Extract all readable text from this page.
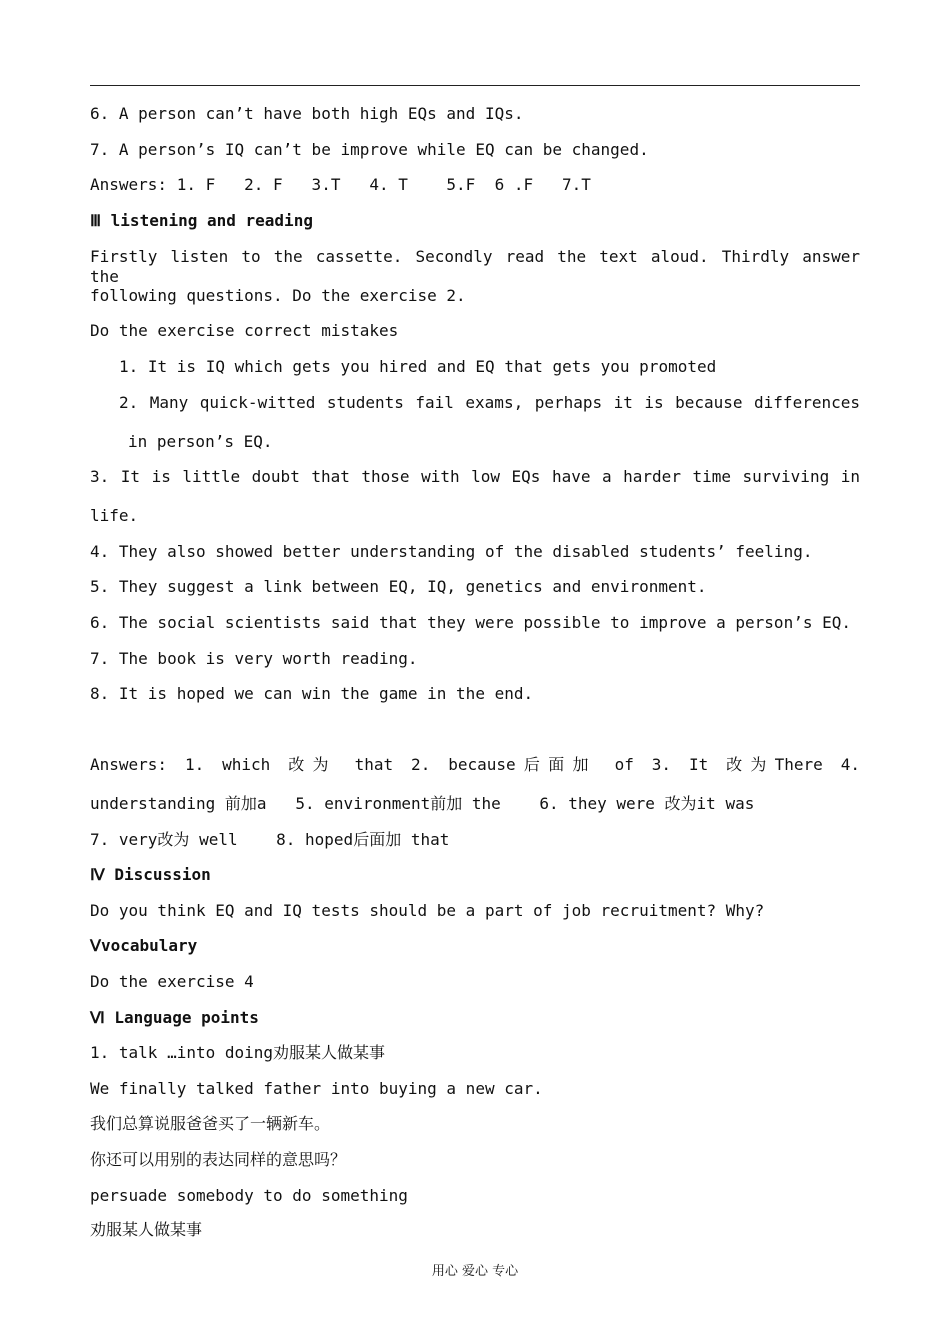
6. A person can’t have both high EQs and IQs.
7. A person’s IQ can’t be improve while EQ can be changed.
Answers: 1. F   2. F   3.T   4. T    5.F  6 .F   7.T
Ⅲ listening and reading
Firstly listen to the cassette. Secondly read the text aloud. Thirdly answer the
following questions. Do the exercise 2.
Do the exercise correct mistakes
1. It is IQ which gets you hired and EQ that gets you promoted
2. Many quick-witted students fail exams, perhaps it is because differences
in person’s EQ.
3. It is little doubt that those with low EQs have a harder time surviving in
life.
4. They also showed better understanding of the disabled students’ feeling.
5. They suggest a link between EQ, IQ, genetics and environment.
6. The social scientists said that they were possible to improve a person’s EQ.
7. The book is very worth reading.
8. It is hoped we can win the game in the end.
Answers: 1. which 改为 that 2. because后面加 of 3. It 改为There 4.
understanding 前加a   5. environment前加 the    6. they were 改为it was
7. very改为 well    8. hoped后面加 that
Ⅳ Discussion
Do you think EQ and IQ tests should be a part of job recruitment? Why?
Ⅴvocabulary
Do the exercise 4
Ⅵ Language points
1. talk …into doing劝服某人做某事
We finally talked father into buying a new car.
我们总算说服爸爸买了一辆新车。
你还可以用别的表达同样的意思吗？
persuade somebody to do something
劝服某人做某事
用心 爱心 专心
